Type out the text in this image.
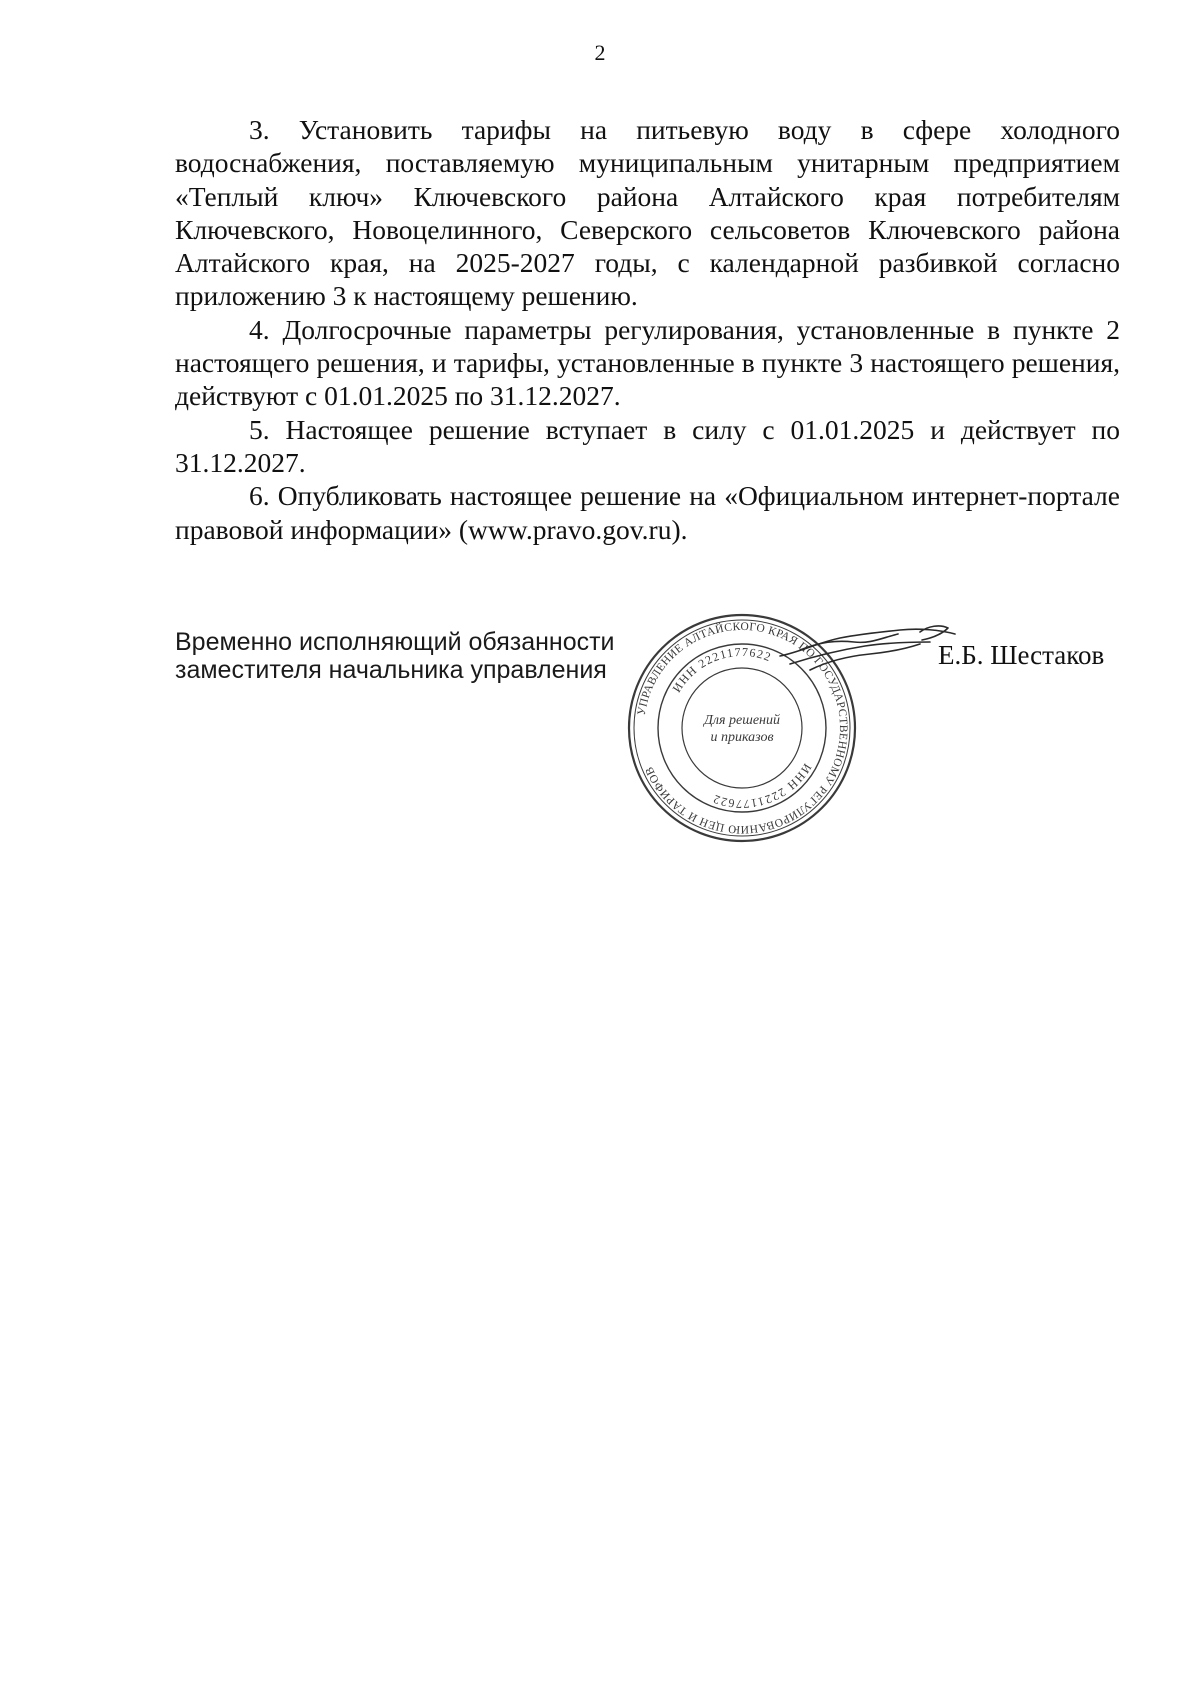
2

3. Установить тарифы на питьевую воду в сфере холодного водоснабжения, поставляемую муниципальным унитарным предприятием «Теплый ключ» Ключевского района Алтайского края потребителям Ключевского, Новоцелинного, Северского сельсоветов Ключевского района Алтайского края, на 2025-2027 годы, с календарной разбивкой согласно приложению 3 к настоящему решению.

4. Долгосрочные параметры регулирования, установленные в пункте 2 настоящего решения, и тарифы, установленные в пункте 3 настоящего решения, действуют с 01.01.2025 по 31.12.2027.

5. Настоящее решение вступает в силу с 01.01.2025 и действует по 31.12.2027.

6. Опубликовать настоящее решение на «Официальном интернет-портале правовой информации» (www.pravo.gov.ru).

Временно исполняющий обязанности
заместителя начальника управления
УПРАВЛЕНИЕ АЛТАЙСКОГО КРАЯ ПО ГОСУДАРСТВЕННОМУ РЕГУЛИРОВАНИЮ ЦЕН И ТАРИФОВ
ИНН 2221177622
ИНН 2221177622
Для решений
и приказов
Е.Б. Шестаков
